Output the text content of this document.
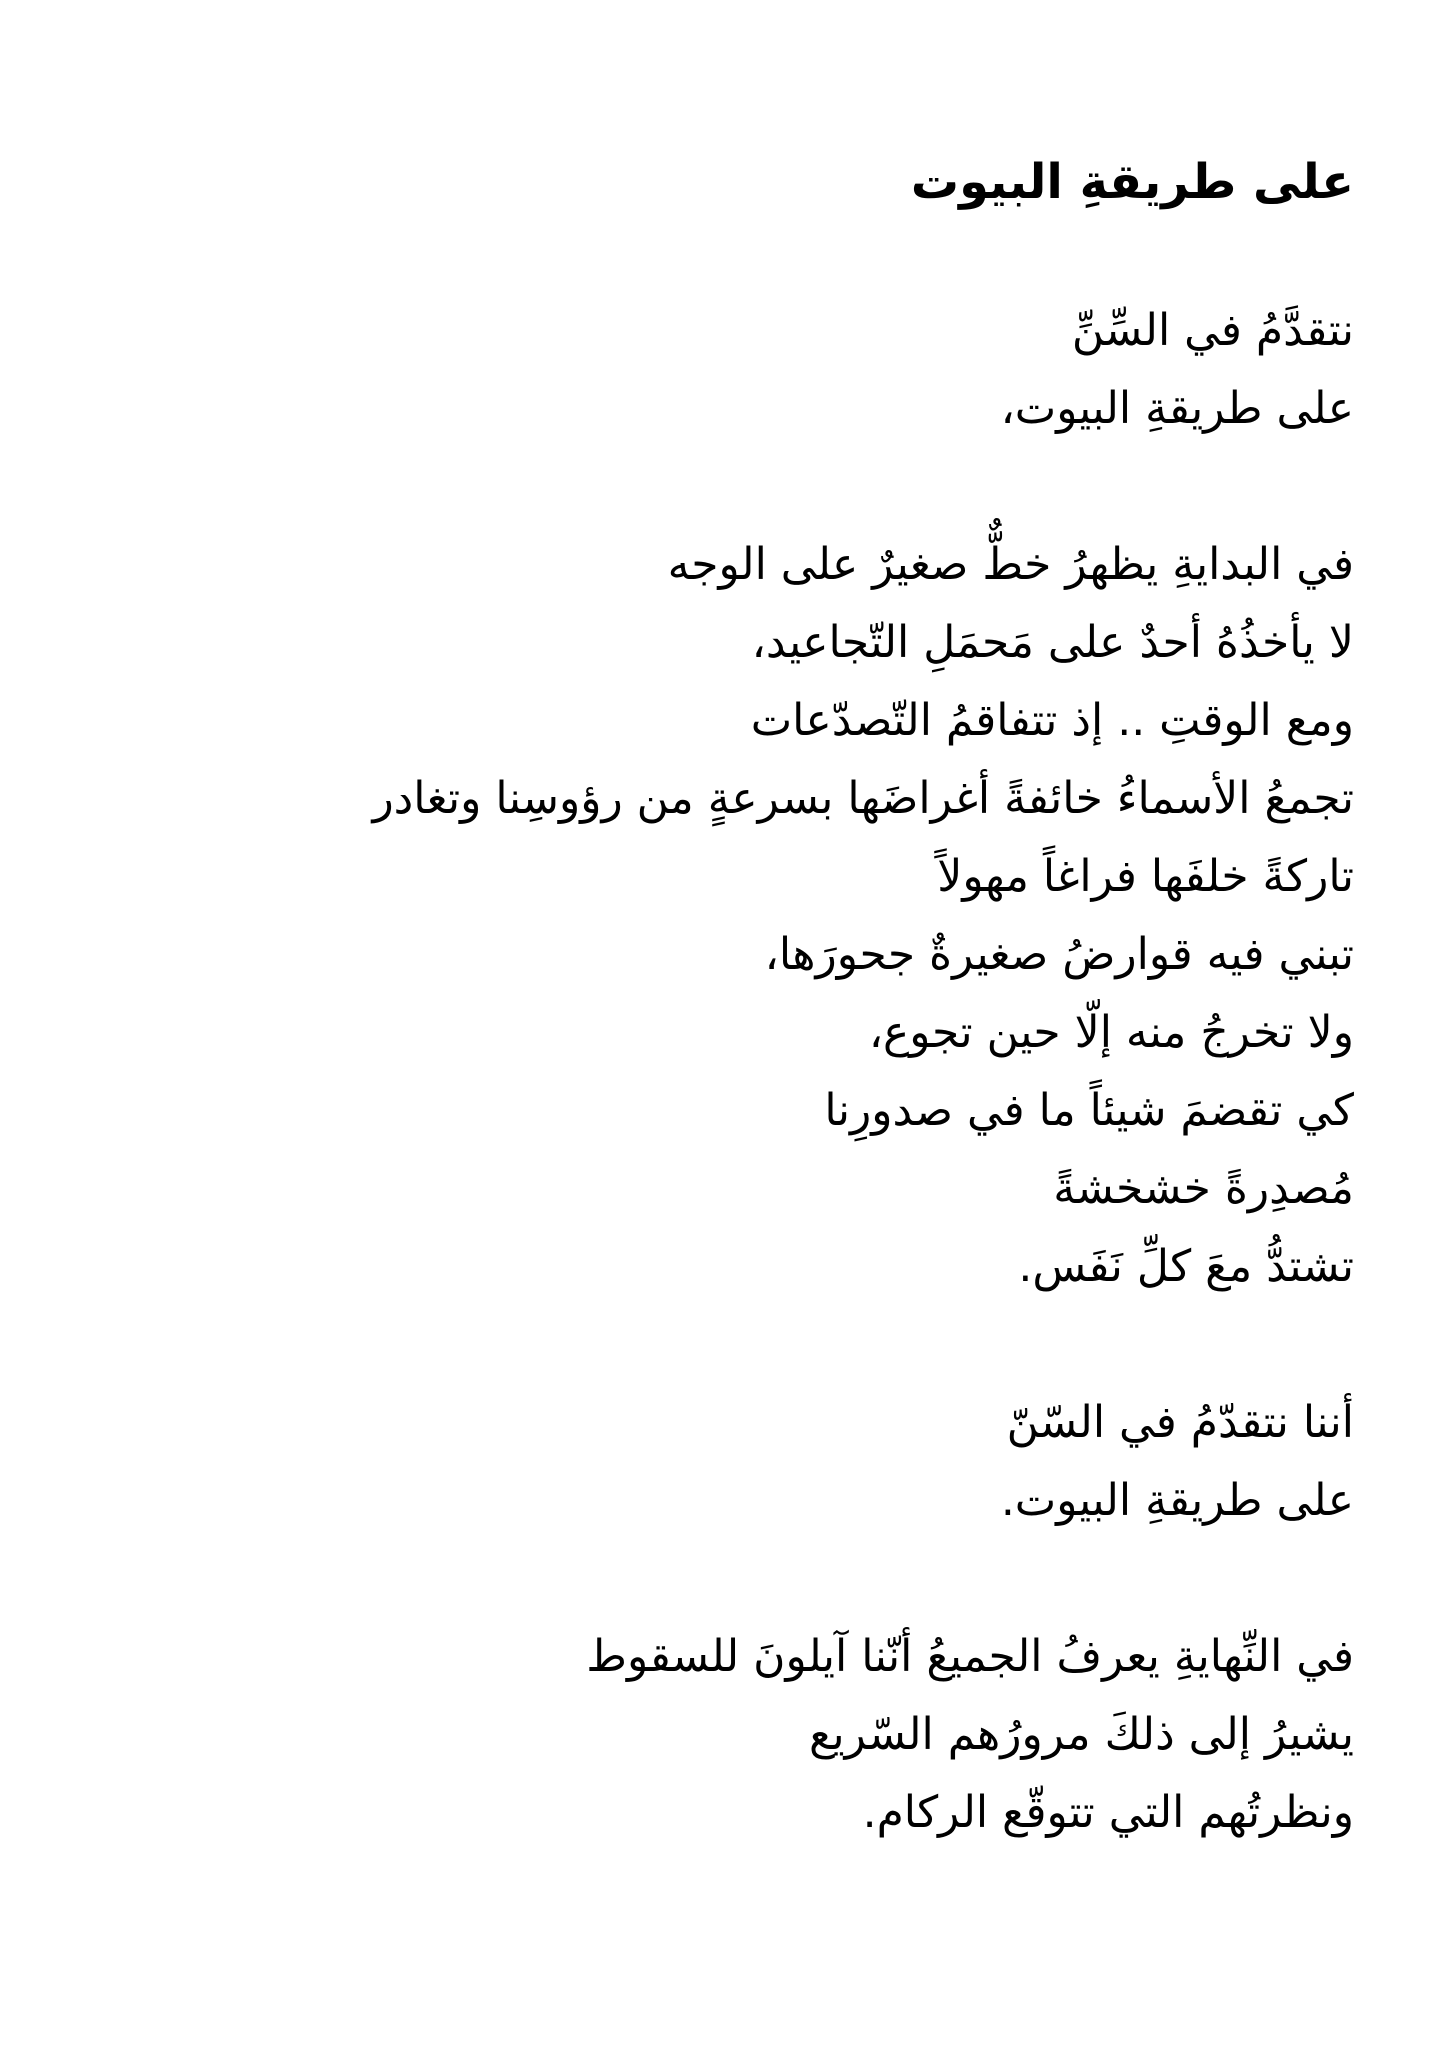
على طريقةِ البيوت
نتقدَّمُ في السِّنِّ
على طريقةِ البيوت،
في البدايةِ يظهرُ خطٌّ صغيرٌ على الوجه
لا يأخذُهُ أحدٌ على مَحمَلِ التّجاعيد،
ومع الوقتِ .. إذ تتفاقمُ التّصدّعات
تجمعُ الأسماءُ خائفةً أغراضَها بسرعةٍ من رؤوسِنا وتغادر
تاركةً خلفَها فراغاً مهولاً
تبني فيه قوارضُ صغيرةٌ جحورَها،
ولا تخرجُ منه إلّا حين تجوع،
كي تقضمَ شيئاً ما في صدورِنا
مُصدِرةً خشخشةً
تشتدُّ معَ كلِّ نَفَس.
أننا نتقدّمُ في السّنّ
على طريقةِ البيوت.
في النِّهايةِ يعرفُ الجميعُ أنّنا آيلونَ للسقوط
يشيرُ إلى ذلكَ مرورُهم السّريع
ونظرتُهم التي تتوقّع الركام.
